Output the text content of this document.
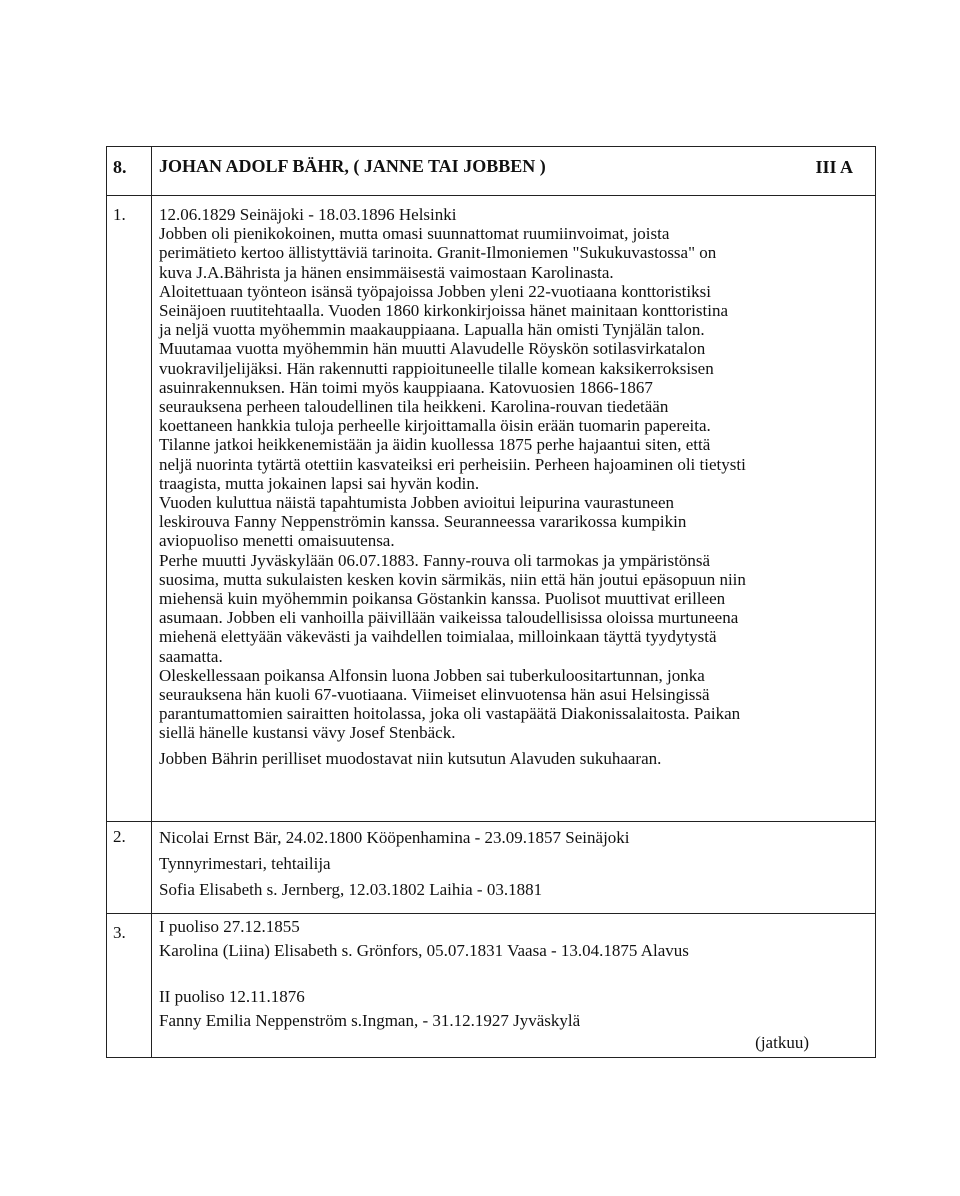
8.	JOHAN ADOLF BÄHR, ( JANNE TAI JOBBEN )	III A
1.	12.06.1829 Seinäjoki - 18.03.1896 Helsinki
Jobben oli pienikokoinen, mutta omasi suunnattomat ruumiinvoimat, joista
perimätieto kertoo ällistyttäviä tarinoita. Granit-Ilmoniemen "Sukukuvastossa" on
kuva J.A.Bährista ja hänen ensimmäisestä vaimostaan Karolinasta.
Aloitettuaan työnteon isänsä työpajoissa Jobben yleni 22-vuotiaana konttoristiksi
Seinäjoen ruutitehtaalla. Vuoden 1860 kirkonkirjoissa hänet mainitaan konttoristina
ja neljä vuotta myöhemmin maakauppiaana. Lapualla hän omisti Tynjälän talon.
Muutamaa vuotta myöhemmin hän muutti Alavudelle Röyskön sotilasvirkatalon
vuokraviljelijäksi. Hän rakennutti rappioituneelle tilalle komean kaksikerroksisen
asuinrakennuksen. Hän toimi myös kauppiaana. Katovuosien 1866-1867
seurauksena perheen taloudellinen tila heikkeni. Karolina-rouvan tiedetään
koettaneen hankkia tuloja perheelle kirjoittamalla öisin erään tuomarin papereita.
Tilanne jatkoi heikkenemistään ja äidin kuollessa 1875 perhe hajaantui siten, että
neljä nuorinta tytärtä otettiin kasvateiksi eri perheisiin. Perheen hajoaminen oli tietysti
traagista, mutta jokainen lapsi sai hyvän kodin.
Vuoden kuluttua näistä tapahtumista Jobben avioitui leipurina vaurastuneen
leskirouva Fanny Neppenströmin kanssa. Seuranneessa vararikossa kumpikin
aviopuoliso menetti omaisuutensa.
Perhe muutti Jyväskylään 06.07.1883. Fanny-rouva oli tarmokas ja ympäristönsä
suosima, mutta sukulaisten kesken kovin särmikäs, niin että hän joutui epäsopuun niin
miehensä kuin myöhemmin poikansa Göstankin kanssa. Puolisot muuttivat erilleen
asumaan. Jobben eli vanhoilla päivillään vaikeissa taloudellisissa oloissa murtuneena
miehenä elettyään väkevästi ja vaihdellen toimialaa, milloinkaan täyttä tyydytystä
saamatta.
Oleskellessaan poikansa Alfonsin luona Jobben sai tuberkuloositartunnan, jonka
seurauksena hän kuoli 67-vuotiaana. Viimeiset elinvuotensa hän asui Helsingissä
parantumattomien sairaitten hoitolassa, joka oli vastapäätä Diakonissalaitosta. Paikan
siellä hänelle kustansi vävy Josef Stenbäck.
Jobben Bährin perilliset muodostavat niin kutsutun Alavuden sukuhaaran.
2.	Nicolai Ernst Bär, 24.02.1800 Kööpenhamina - 23.09.1857 Seinäjoki
Tynnyrimestari, tehtailija
Sofia Elisabeth s. Jernberg, 12.03.1802 Laihia - 03.1881
3.	I puoliso 27.12.1855
Karolina (Liina) Elisabeth s. Grönfors, 05.07.1831 Vaasa - 13.04.1875 Alavus
II puoliso 12.11.1876
Fanny Emilia Neppenström s.Ingman, - 31.12.1927 Jyväskylä
(jatkuu)
